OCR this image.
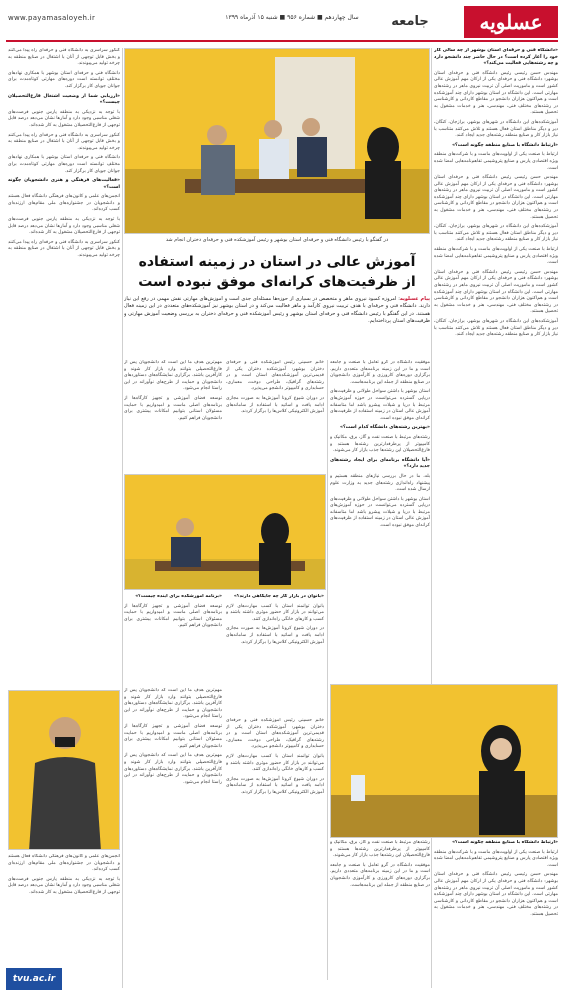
عسلویه
جامعه
سال چهاردهم ■ شماره ۹۵۶ ■ شنبه ۱۵ آذرماه ۱۳۹۹
www.payamasaloyeh.ir

«دانشگاه فنی و حرفه‌ای استان بوشهر از چه سالی کار خود را آغاز کرده است؟ در حال حاضر چند دانشجو دارد و چه رشته‌هایی فعالیت می‌کند؟»

مهندس حسن رئیسی رئیس دانشگاه فنی و حرفه‌ای استان بوشهر: دانشگاه فنی و حرفه‌ای یکی از ارکان مهم آموزش عالی کشور است و ماموریت اصلی آن تربیت نیروی ماهر در رشته‌های مهارتی است. این دانشگاه در استان بوشهر دارای چند آموزشکده است و هم‌اکنون هزاران دانشجو در مقاطع کاردانی و کارشناسی در رشته‌های مختلف فنی، مهندسی، هنر و خدمات مشغول به تحصیل هستند.

آموزشکده‌های این دانشگاه در شهرهای بوشهر، برازجان، کنگان، دیر و دیگر مناطق استان فعال هستند و تلاش می‌کنند متناسب با نیاز بازار کار و صنایع منطقه رشته‌های جدید ایجاد کنند.

«ارتباط دانشگاه با صنایع منطقه چگونه است؟»

ارتباط با صنعت یکی از اولویت‌های ماست و با شرکت‌های منطقه ویژه اقتصادی پارس و صنایع پتروشیمی تفاهم‌نامه‌هایی امضا شده است.

مهندس حسن رئیسی رئیس دانشگاه فنی و حرفه‌ای استان بوشهر: دانشگاه فنی و حرفه‌ای یکی از ارکان مهم آموزش عالی کشور است و ماموریت اصلی آن تربیت نیروی ماهر در رشته‌های مهارتی است. این دانشگاه در استان بوشهر دارای چند آموزشکده است و هم‌اکنون هزاران دانشجو در مقاطع کاردانی و کارشناسی در رشته‌های مختلف فنی، مهندسی، هنر و خدمات مشغول به تحصیل هستند.

آموزشکده‌های این دانشگاه در شهرهای بوشهر، برازجان، کنگان، دیر و دیگر مناطق استان فعال هستند و تلاش می‌کنند متناسب با نیاز بازار کار و صنایع منطقه رشته‌های جدید ایجاد کنند.

ارتباط با صنعت یکی از اولویت‌های ماست و با شرکت‌های منطقه ویژه اقتصادی پارس و صنایع پتروشیمی تفاهم‌نامه‌هایی امضا شده است.

مهندس حسن رئیسی رئیس دانشگاه فنی و حرفه‌ای استان بوشهر: دانشگاه فنی و حرفه‌ای یکی از ارکان مهم آموزش عالی کشور است و ماموریت اصلی آن تربیت نیروی ماهر در رشته‌های مهارتی است. این دانشگاه در استان بوشهر دارای چند آموزشکده است و هم‌اکنون هزاران دانشجو در مقاطع کاردانی و کارشناسی در رشته‌های مختلف فنی، مهندسی، هنر و خدمات مشغول به تحصیل هستند.

آموزشکده‌های این دانشگاه در شهرهای بوشهر، برازجان، کنگان، دیر و دیگر مناطق استان فعال هستند و تلاش می‌کنند متناسب با نیاز بازار کار و صنایع منطقه رشته‌های جدید ایجاد کنند.

در گفتگو با رئیس دانشگاه فنی و حرفه‌ای استان بوشهر و رئیس آموزشکده فنی و حرفه‌ای دختران انجام شد
آموزش عالی در استان در زمینه استفاده
از ظرفیت‌های کرانه‌ای موفق نبوده است
پیام عسلویه: امروزه کمبود نیروی ماهر و متخصص در بسیاری از حوزه‌ها مسئله‌ای جدی است و آموزش‌های مهارتی نقش مهمی در رفع این نیاز دارند. دانشگاه فنی و حرفه‌ای با هدف تربیت نیروی کارآمد و ماهر فعالیت می‌کند و در استان بوشهر نیز آموزشکده‌های متعددی در این زمینه فعال هستند. در این گفتگو با رئیس دانشگاه فنی و حرفه‌ای استان بوشهر و رئیس آموزشکده فنی و حرفه‌ای دختران به بررسی وضعیت آموزش مهارتی و ظرفیت‌های استان پرداخته‌ایم.

کنکور سراسری به دانشگاه فنی و حرفه‌ای راه پیدا می‌کنند و بخش قابل توجهی از آنان با اشتغال در صنایع منطقه به چرخه تولید می‌پیوندند.

دانشگاه فنی و حرفه‌ای استان بوشهر با همکاری نهادهای مختلف توانسته است دوره‌های مهارتی کوتاه‌مدت برای جوانان جویای کار برگزار کند.

«ارزیابی شما از وضعیت اشتغال فارغ‌التحصیلان چیست؟»

با توجه به نزدیکی به منطقه پارس جنوبی فرصت‌های شغلی مناسبی وجود دارد و آمارها نشان می‌دهد درصد قابل توجهی از فارغ‌التحصیلان مشغول به کار شده‌اند.

کنکور سراسری به دانشگاه فنی و حرفه‌ای راه پیدا می‌کنند و بخش قابل توجهی از آنان با اشتغال در صنایع منطقه به چرخه تولید می‌پیوندند.

دانشگاه فنی و حرفه‌ای استان بوشهر با همکاری نهادهای مختلف توانسته است دوره‌های مهارتی کوتاه‌مدت برای جوانان جویای کار برگزار کند.

«فعالیت‌های فرهنگی و هنری دانشجویان چگونه است؟»

انجمن‌های علمی و کانون‌های فرهنگی دانشگاه فعال هستند و دانشجویان در جشنواره‌های ملی مقام‌های ارزنده‌ای کسب کرده‌اند.

با توجه به نزدیکی به منطقه پارس جنوبی فرصت‌های شغلی مناسبی وجود دارد و آمارها نشان می‌دهد درصد قابل توجهی از فارغ‌التحصیلان مشغول به کار شده‌اند.

کنکور سراسری به دانشگاه فنی و حرفه‌ای راه پیدا می‌کنند و بخش قابل توجهی از آنان با اشتغال در صنایع منطقه به چرخه تولید می‌پیوندند.

موفقیت دانشگاه در گرو تعامل با صنعت و جامعه است و ما در این زمینه برنامه‌های متعددی داریم. برگزاری دوره‌های کارورزی و کارآموزی دانشجویان در صنایع منطقه از جمله این برنامه‌هاست.

استان بوشهر با داشتن سواحل طولانی و ظرفیت‌های دریایی گسترده می‌توانست در حوزه آموزش‌های مرتبط با دریا و شیلات پیشرو باشد اما متاسفانه آموزش عالی استان در زمینه استفاده از ظرفیت‌های کرانه‌ای موفق نبوده است.

«بهترین رشته‌های دانشگاه کدام است؟»

رشته‌های مرتبط با صنعت نفت و گاز، برق، مکانیک و کامپیوتر از پرطرفدارترین رشته‌ها هستند و فارغ‌التحصیلان این رشته‌ها جذب بازار کار می‌شوند.

«آیا دانشگاه برنامه‌ای برای ایجاد رشته‌های جدید دارد؟»

بله، ما در حال بررسی نیازهای منطقه هستیم و پیشنهاد راه‌اندازی رشته‌های جدید به وزارت علوم ارسال شده است.

استان بوشهر با داشتن سواحل طولانی و ظرفیت‌های دریایی گسترده می‌توانست در حوزه آموزش‌های مرتبط با دریا و شیلات پیشرو باشد اما متاسفانه آموزش عالی استان در زمینه استفاده از ظرفیت‌های کرانه‌ای موفق نبوده است.

خانم حسینی رئیس آموزشکده فنی و حرفه‌ای دختران بوشهر: آموزشکده دختران یکی از قدیمی‌ترین آموزشکده‌های استان است و در رشته‌های گرافیک، طراحی دوخت، معماری، حسابداری و کامپیوتر دانشجو می‌پذیرد.

در دوران شیوع کرونا آموزش‌ها به صورت مجازی ادامه یافت و اساتید با استفاده از سامانه‌های آموزش الکترونیکی کلاس‌ها را برگزار کردند.

مهم‌ترین هدف ما این است که دانشجویان پس از فارغ‌التحصیلی بتوانند وارد بازار کار شوند و کارآفرین باشند. برگزاری نمایشگاه‌های دستاوردهای دانشجویان و حمایت از طرح‌های نوآورانه در این راستا انجام می‌شود.

توسعه فضای آموزشی و تجهیز کارگاه‌ها از برنامه‌های اصلی ماست و امیدواریم با حمایت مسئولان استانی بتوانیم امکانات بیشتری برای دانشجویان فراهم کنیم.

«بانوان در بازار کار چه جایگاهی دارند؟»

بانوان توانمند استان با کسب مهارت‌های لازم می‌توانند در بازار کار حضور موثری داشته باشند و کسب و کارهای خانگی راه‌اندازی کنند.

در دوران شیوع کرونا آموزش‌ها به صورت مجازی ادامه یافت و اساتید با استفاده از سامانه‌های آموزش الکترونیکی کلاس‌ها را برگزار کردند.

«برنامه آموزشکده برای آینده چیست؟»

توسعه فضای آموزشی و تجهیز کارگاه‌ها از برنامه‌های اصلی ماست و امیدواریم با حمایت مسئولان استانی بتوانیم امکانات بیشتری برای دانشجویان فراهم کنیم.

«ارتباط دانشگاه با صنایع منطقه چگونه است؟»

ارتباط با صنعت یکی از اولویت‌های ماست و با شرکت‌های منطقه ویژه اقتصادی پارس و صنایع پتروشیمی تفاهم‌نامه‌هایی امضا شده است.

مهندس حسن رئیسی رئیس دانشگاه فنی و حرفه‌ای استان بوشهر: دانشگاه فنی و حرفه‌ای یکی از ارکان مهم آموزش عالی کشور است و ماموریت اصلی آن تربیت نیروی ماهر در رشته‌های مهارتی است. این دانشگاه در استان بوشهر دارای چند آموزشکده است و هم‌اکنون هزاران دانشجو در مقاطع کاردانی و کارشناسی در رشته‌های مختلف فنی، مهندسی، هنر و خدمات مشغول به تحصیل هستند.

رشته‌های مرتبط با صنعت نفت و گاز، برق، مکانیک و کامپیوتر از پرطرفدارترین رشته‌ها هستند و فارغ‌التحصیلان این رشته‌ها جذب بازار کار می‌شوند.

موفقیت دانشگاه در گرو تعامل با صنعت و جامعه است و ما در این زمینه برنامه‌های متعددی داریم. برگزاری دوره‌های کارورزی و کارآموزی دانشجویان در صنایع منطقه از جمله این برنامه‌هاست.

خانم حسینی رئیس آموزشکده فنی و حرفه‌ای دختران بوشهر: آموزشکده دختران یکی از قدیمی‌ترین آموزشکده‌های استان است و در رشته‌های گرافیک، طراحی دوخت، معماری، حسابداری و کامپیوتر دانشجو می‌پذیرد.

بانوان توانمند استان با کسب مهارت‌های لازم می‌توانند در بازار کار حضور موثری داشته باشند و کسب و کارهای خانگی راه‌اندازی کنند.

در دوران شیوع کرونا آموزش‌ها به صورت مجازی ادامه یافت و اساتید با استفاده از سامانه‌های آموزش الکترونیکی کلاس‌ها را برگزار کردند.

مهم‌ترین هدف ما این است که دانشجویان پس از فارغ‌التحصیلی بتوانند وارد بازار کار شوند و کارآفرین باشند. برگزاری نمایشگاه‌های دستاوردهای دانشجویان و حمایت از طرح‌های نوآورانه در این راستا انجام می‌شود.

توسعه فضای آموزشی و تجهیز کارگاه‌ها از برنامه‌های اصلی ماست و امیدواریم با حمایت مسئولان استانی بتوانیم امکانات بیشتری برای دانشجویان فراهم کنیم.

مهم‌ترین هدف ما این است که دانشجویان پس از فارغ‌التحصیلی بتوانند وارد بازار کار شوند و کارآفرین باشند. برگزاری نمایشگاه‌های دستاوردهای دانشجویان و حمایت از طرح‌های نوآورانه در این راستا انجام می‌شود.

انجمن‌های علمی و کانون‌های فرهنگی دانشگاه فعال هستند و دانشجویان در جشنواره‌های ملی مقام‌های ارزنده‌ای کسب کرده‌اند.

با توجه به نزدیکی به منطقه پارس جنوبی فرصت‌های شغلی مناسبی وجود دارد و آمارها نشان می‌دهد درصد قابل توجهی از فارغ‌التحصیلان مشغول به کار شده‌اند.

tvu.ac.ir
